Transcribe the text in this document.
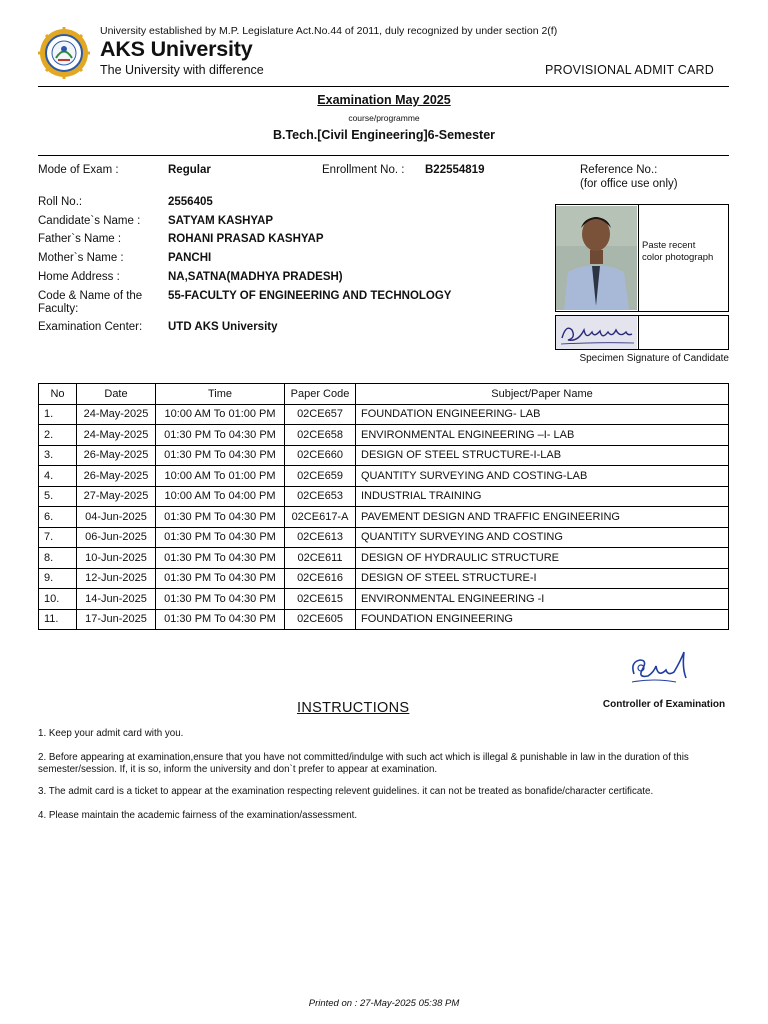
University established by M.P. Legislature Act.No.44 of 2011, duly recognized by under section 2(f)
AKS University
The University with difference	PROVISIONAL ADMIT CARD
Examination May 2025
course/programme
B.Tech.[Civil Engineering]6-Semester
Mode of Exam :	Regular	Enrollment No. : B22554819	Reference No.:
(for office use only)
Roll No.:	2556405
Candidate`s Name : SATYAM KASHYAP
Father`s Name :	ROHANI PRASAD KASHYAP
Mother`s Name :	PANCHI
Home Address :	NA,SATNA(MADHYA PRADESH)
Code & Name of the
Faculty:
55-FACULTY OF ENGINEERING AND TECHNOLOGY
Examination Center: UTD AKS University
Paste recent
color photograph
Specimen Signature of Candidate
No	Date	Time	Paper Code	Subject/Paper Name
1.	24-May-2025	10:00 AM To 01:00 PM	02CE657	FOUNDATION ENGINEERING- LAB
2.	24-May-2025	01:30 PM To 04:30 PM	02CE658	ENVIRONMENTAL ENGINEERING –I- LAB
3.	26-May-2025	01:30 PM To 04:30 PM	02CE660	DESIGN OF STEEL STRUCTURE-I-LAB
4.	26-May-2025	10:00 AM To 01:00 PM	02CE659	QUANTITY SURVEYING AND COSTING-LAB
5.	27-May-2025	10:00 AM To 04:00 PM	02CE653	INDUSTRIAL TRAINING
6.	04-Jun-2025	01:30 PM To 04:30 PM	02CE617-A	PAVEMENT DESIGN AND TRAFFIC ENGINEERING
7.	06-Jun-2025	01:30 PM To 04:30 PM	02CE613	QUANTITY SURVEYING AND COSTING
8.	10-Jun-2025	01:30 PM To 04:30 PM	02CE611	DESIGN OF HYDRAULIC STRUCTURE
9.	12-Jun-2025	01:30 PM To 04:30 PM	02CE616	DESIGN OF STEEL STRUCTURE-I
10.	14-Jun-2025	01:30 PM To 04:30 PM	02CE615	ENVIRONMENTAL ENGINEERING -I
11.	17-Jun-2025	01:30 PM To 04:30 PM	02CE605	FOUNDATION ENGINEERING
Controller of Examination
INSTRUCTIONS
1. Keep your admit card with you.
2. Before appearing at examination,ensure that you have not committed/indulge with such act which is illegal & punishable in law in the duration of this semester/session. If, it is so, inform the university and don`t prefer to appear at examination.
3. The admit card is a ticket to appear at the examination respecting relevent guidelines. it can not be treated as bonafide/character certificate.
4. Please maintain the academic fairness of the examination/assessment.
Printed on : 27-May-2025 05:38 PM
